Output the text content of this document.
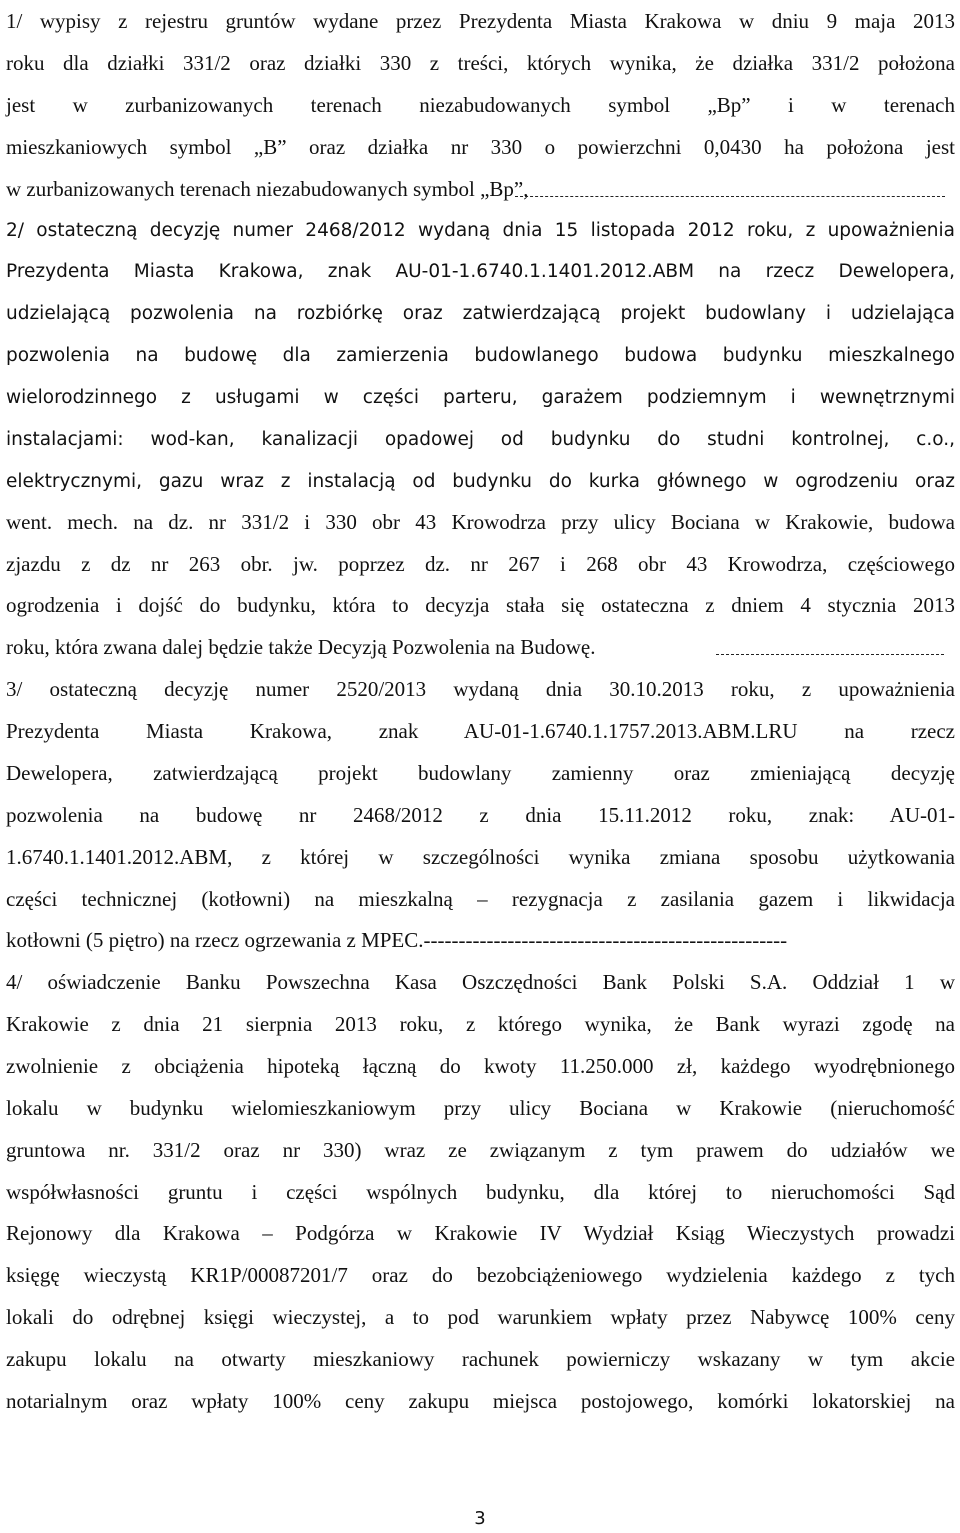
1/ wypisy z rejestru gruntów wydane przez Prezydenta Miasta Krakowa w dniu 9 maja 2013
roku dla działki 331/2 oraz działki 330 z treści, których wynika, że działka 331/2 położona
jest w zurbanizowanych terenach niezabudowanych symbol „Bp” i w terenach
mieszkaniowych symbol „B” oraz działka nr 330 o powierzchni 0,0430 ha położona jest
w zurbanizowanych terenach niezabudowanych symbol „Bp”,
2/ ostateczną decyzję numer 2468/2012 wydaną dnia 15 listopada 2012 roku, z upoważnienia
Prezydenta Miasta Krakowa, znak AU-01-1.6740.1.1401.2012.ABM na rzecz Dewelopera,
udzielającą pozwolenia na rozbiórkę oraz zatwierdzającą projekt budowlany i udzielająca
pozwolenia na budowę dla zamierzenia budowlanego budowa budynku mieszkalnego
wielorodzinnego z usługami w części parteru, garażem podziemnym i wewnętrznymi
instalacjami: wod-kan, kanalizacji opadowej od budynku do studni kontrolnej, c.o.,
elektrycznymi, gazu wraz z instalacją od budynku do kurka głównego w ogrodzeniu oraz
went. mech. na dz. nr 331/2 i 330 obr 43 Krowodrza przy ulicy Bociana w Krakowie, budowa
zjazdu z dz nr 263 obr. jw. poprzez dz. nr 267 i 268 obr 43 Krowodrza, częściowego
ogrodzenia i dojść do budynku, która to decyzja stała się ostateczna z dniem 4 stycznia 2013
roku, która zwana dalej będzie także Decyzją Pozwolenia na Budowę.
3/ ostateczną decyzję numer 2520/2013 wydaną dnia 30.10.2013 roku, z upoważnienia
Prezydenta Miasta Krakowa, znak AU-01-1.6740.1.1757.2013.ABM.LRU na rzecz
Dewelopera, zatwierdzającą projekt budowlany zamienny oraz zmieniającą decyzję
pozwolenia na budowę nr 2468/2012 z dnia 15.11.2012 roku, znak: AU-01-
1.6740.1.1401.2012.ABM, z której w szczególności wynika zmiana sposobu użytkowania
części technicznej (kotłowni) na mieszkalną – rezygnacja z zasilania gazem i likwidacja
kotłowni (5 piętro) na rzecz ogrzewania z MPEC.----------------------------------------------------
4/ oświadczenie Banku Powszechna Kasa Oszczędności Bank Polski S.A. Oddział 1 w
Krakowie z dnia 21 sierpnia 2013 roku, z którego wynika, że Bank wyrazi zgodę na
zwolnienie z obciążenia hipoteką łączną do kwoty 11.250.000 zł, każdego wyodrębnionego
lokalu w budynku wielomieszkaniowym przy ulicy Bociana w Krakowie (nieruchomość
gruntowa nr. 331/2 oraz nr 330) wraz ze związanym z tym prawem do udziałów we
współwłasności gruntu i części wspólnych budynku, dla której to nieruchomości Sąd
Rejonowy dla Krakowa – Podgórza w Krakowie IV Wydział Ksiąg Wieczystych prowadzi
księgę wieczystą KR1P/00087201/7 oraz do bezobciążeniowego wydzielenia każdego z tych
lokali do odrębnej księgi wieczystej, a to pod warunkiem wpłaty przez Nabywcę 100% ceny
zakupu lokalu na otwarty mieszkaniowy rachunek powierniczy wskazany w tym akcie
notarialnym oraz wpłaty 100% ceny zakupu miejsca postojowego, komórki lokatorskiej na
3
